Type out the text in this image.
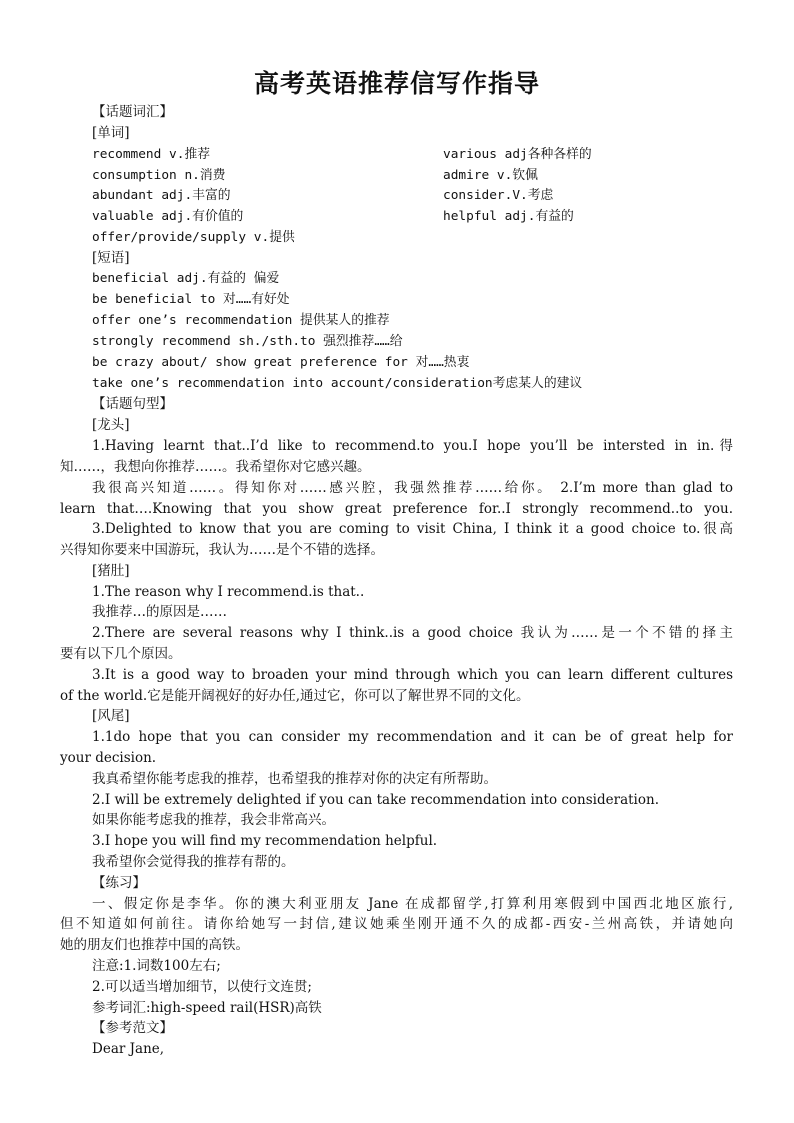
高考英语推荐信写作指导
【话题词汇】
[单词]
recommend v.推荐	various adj各种各样的
consumption n.消费	admire v.钦佩
abundant adj.丰富的	consider.V.考虑
valuable adj.有价值的	helpful adj.有益的
offer/provide/supply v.提供
[短语]
beneficial adj.有益的 偏爱
be beneficial to 对……有好处
offer one’s recommendation 提供某人的推荐
strongly recommend sh./sth.to 强烈推荐……给
be crazy about/ show great preference for 对……热衷
take one’s recommendation into account/consideration考虑某人的建议
【话题句型】
[龙头]
1.Having learnt that..I’d like to recommend.to you.I hope you’ll be intersted in in.得
知……，我想向你推荐……。我希望你对它感兴趣。
我很高兴知道……。得知你对……感兴腔，我强然推荐……给你。 2.I’m more than glad to
learn that….Knowing that you show great preference for..I strongly recommend..to you.
3.Delighted to know that you are coming to visit China, I think it a good choice to.很高
兴得知你要来中国游玩，我认为……是个不错的选择。
[猪肚]
1.The reason why I recommend.is that..
我推荐…的原因是……
2.There are several reasons why I think..is a good choice 我认为……是一个不错的择主
要有以下几个原因。
3.It is a good way to broaden your mind through which you can learn different cultures
of the world.它是能开阔视好的好办任,通过它，你可以了解世界不同的文化。
[风尾]
1.1do hope that you can consider my recommendation and it can be of great help for
your decision.
我真希望你能考虑我的推荐，也希望我的推荐对你的决定有所帮助。
2.I will be extremely delighted if you can take recommendation into consideration.
如果你能考虑我的推荐，我会非常高兴。
3.I hope you will find my recommendation helpful.
我希望你会觉得我的推荐有帮的。
【练习】
一、假定你是李华。你的澳大利亚朋友 Jane 在成都留学,打算利用寒假到中国西北地区旅行,
但不知道如何前往。请你给她写一封信,建议她乘坐刚开通不久的成都-西安-兰州高铁，并请她向
她的朋友们也推荐中国的高铁。
注意:1.词数100左右;
2.可以适当增加细节，以使行文连贯;
参考词汇:high-speed rail(HSR)高铁
【参考范文】
Dear Jane,
